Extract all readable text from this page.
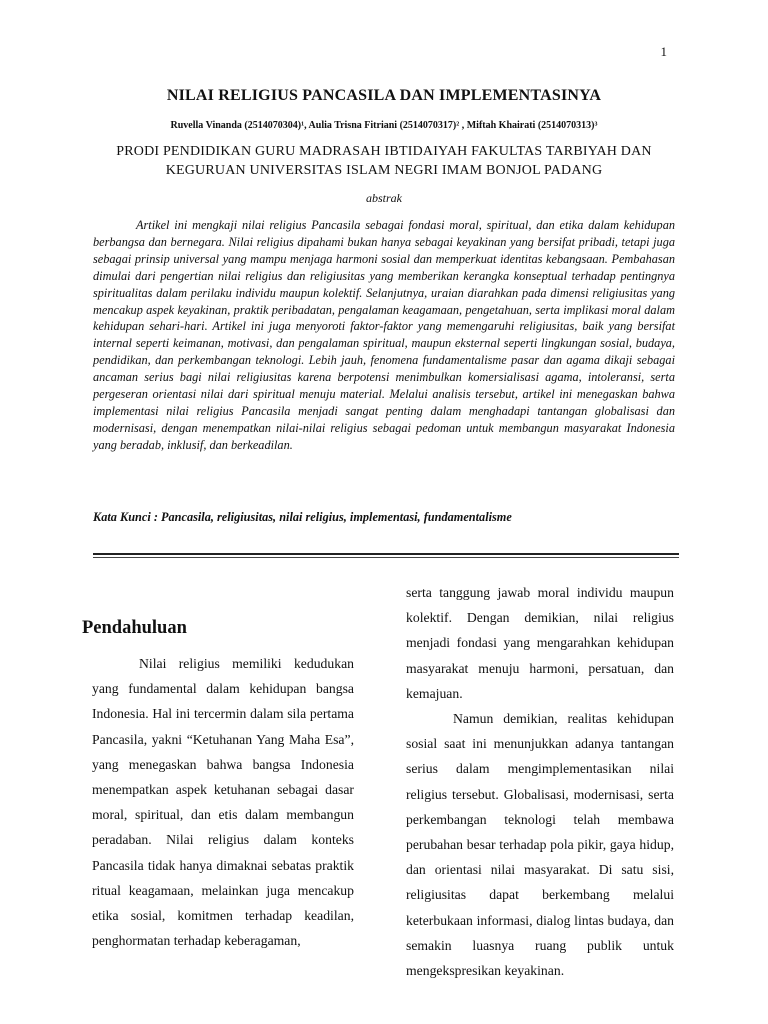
1
NILAI RELIGIUS PANCASILA DAN IMPLEMENTASINYA
Ruvella Vinanda (2514070304)¹, Aulia Trisna Fitriani (2514070317)² , Miftah Khairati (2514070313)³
PRODI PENDIDIKAN GURU MADRASAH IBTIDAIYAH FAKULTAS TARBIYAH DAN KEGURUAN UNIVERSITAS ISLAM NEGRI IMAM BONJOL PADANG
abstrak

Artikel ini mengkaji nilai religius Pancasila sebagai fondasi moral, spiritual, dan etika dalam kehidupan berbangsa dan bernegara. Nilai religius dipahami bukan hanya sebagai keyakinan yang bersifat pribadi, tetapi juga sebagai prinsip universal yang mampu menjaga harmoni sosial dan memperkuat identitas kebangsaan. Pembahasan dimulai dari pengertian nilai religius dan religiusitas yang memberikan kerangka konseptual terhadap pentingnya spiritualitas dalam perilaku individu maupun kolektif. Selanjutnya, uraian diarahkan pada dimensi religiusitas yang mencakup aspek keyakinan, praktik peribadatan, pengalaman keagamaan, pengetahuan, serta implikasi moral dalam kehidupan sehari-hari. Artikel ini juga menyoroti faktor-faktor yang memengaruhi religiusitas, baik yang bersifat internal seperti keimanan, motivasi, dan pengalaman spiritual, maupun eksternal seperti lingkungan sosial, budaya, pendidikan, dan perkembangan teknologi. Lebih jauh, fenomena fundamentalisme pasar dan agama dikaji sebagai ancaman serius bagi nilai religiusitas karena berpotensi menimbulkan komersialisasi agama, intoleransi, serta pergeseran orientasi nilai dari spiritual menuju material. Melalui analisis tersebut, artikel ini menegaskan bahwa implementasi nilai religius Pancasila menjadi sangat penting dalam menghadapi tantangan globalisasi dan modernisasi, dengan menempatkan nilai-nilai religius sebagai pedoman untuk membangun masyarakat Indonesia yang beradab, inklusif, dan berkeadilan.

Kata Kunci : Pancasila, religiusitas, nilai religius, implementasi, fundamentalisme
Pendahuluan

Nilai religius memiliki kedudukan yang fundamental dalam kehidupan bangsa Indonesia. Hal ini tercermin dalam sila pertama Pancasila, yakni “Ketuhanan Yang Maha Esa”, yang menegaskan bahwa bangsa Indonesia menempatkan aspek ketuhanan sebagai dasar moral, spiritual, dan etis dalam membangun peradaban. Nilai religius dalam konteks Pancasila tidak hanya dimaknai sebatas praktik ritual keagamaan, melainkan juga mencakup etika sosial, komitmen terhadap keadilan, penghormatan terhadap keberagaman,

serta tanggung jawab moral individu maupun kolektif. Dengan demikian, nilai religius menjadi fondasi yang mengarahkan kehidupan masyarakat menuju harmoni, persatuan, dan kemajuan.

Namun demikian, realitas kehidupan sosial saat ini menunjukkan adanya tantangan serius dalam mengimplementasikan nilai religius tersebut. Globalisasi, modernisasi, serta perkembangan teknologi telah membawa perubahan besar terhadap pola pikir, gaya hidup, dan orientasi nilai masyarakat. Di satu sisi, religiusitas dapat berkembang melalui keterbukaan informasi, dialog lintas budaya, dan semakin luasnya ruang publik untuk mengekspresikan keyakinan.
